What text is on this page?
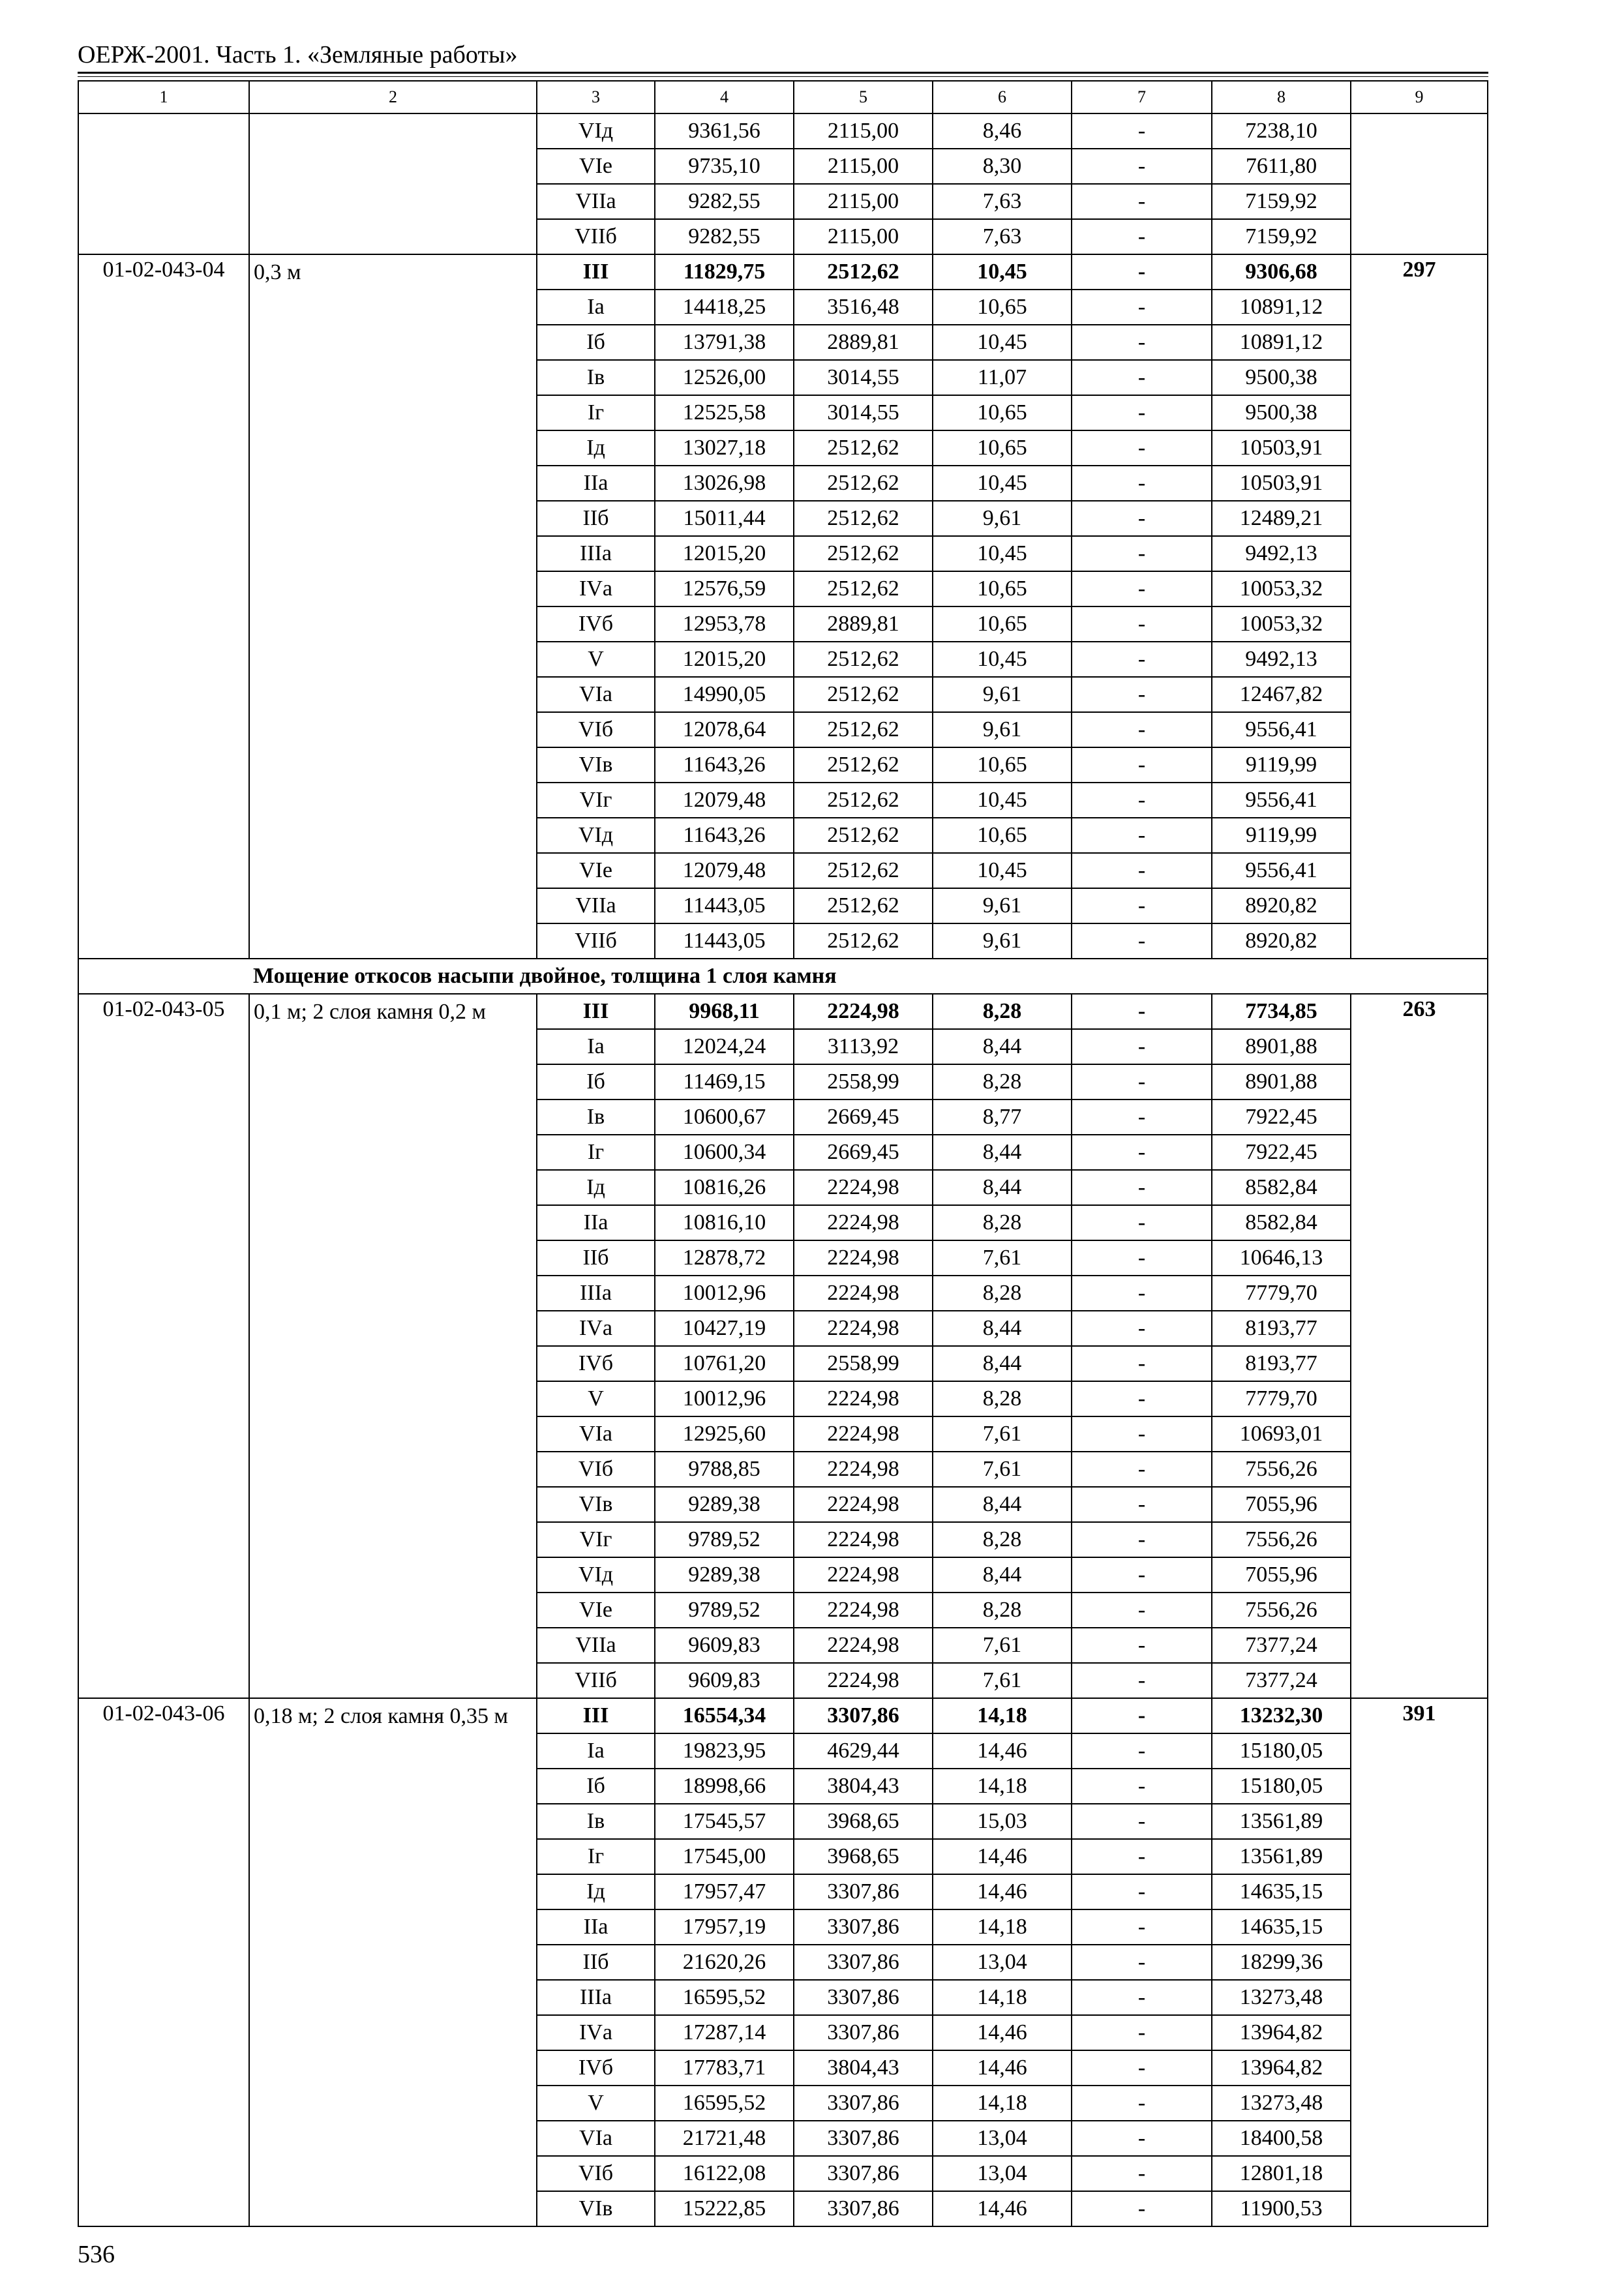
ОЕРЖ-2001. Часть 1. «Земляные работы»
1	2	3	4	5	6	7	8	9
		VIд	9361,56	2115,00	8,46	-	7238,10	
		VIе	9735,10	2115,00	8,30	-	7611,80	
		VIIа	9282,55	2115,00	7,63	-	7159,92	
		VIIб	9282,55	2115,00	7,63	-	7159,92	
01-02-043-04	0,3 м	III	11829,75	2512,62	10,45	-	9306,68	297
		Iа	14418,25	3516,48	10,65	-	10891,12	
		Iб	13791,38	2889,81	10,45	-	10891,12	
		Iв	12526,00	3014,55	11,07	-	9500,38	
		Iг	12525,58	3014,55	10,65	-	9500,38	
		Iд	13027,18	2512,62	10,65	-	10503,91	
		IIа	13026,98	2512,62	10,45	-	10503,91	
		IIб	15011,44	2512,62	9,61	-	12489,21	
		IIIа	12015,20	2512,62	10,45	-	9492,13	
		IVа	12576,59	2512,62	10,65	-	10053,32	
		IVб	12953,78	2889,81	10,65	-	10053,32	
		V	12015,20	2512,62	10,45	-	9492,13	
		VIа	14990,05	2512,62	9,61	-	12467,82	
		VIб	12078,64	2512,62	9,61	-	9556,41	
		VIв	11643,26	2512,62	10,65	-	9119,99	
		VIг	12079,48	2512,62	10,45	-	9556,41	
		VIд	11643,26	2512,62	10,65	-	9119,99	
		VIе	12079,48	2512,62	10,45	-	9556,41	
		VIIа	11443,05	2512,62	9,61	-	8920,82	
		VIIб	11443,05	2512,62	9,61	-	8920,82	
	Мощение откосов насыпи двойное, толщина 1 слоя камня							
01-02-043-05	0,1 м; 2 слоя камня 0,2 м	III	9968,11	2224,98	8,28	-	7734,85	263
		Iа	12024,24	3113,92	8,44	-	8901,88	
		Iб	11469,15	2558,99	8,28	-	8901,88	
		Iв	10600,67	2669,45	8,77	-	7922,45	
		Iг	10600,34	2669,45	8,44	-	7922,45	
		Iд	10816,26	2224,98	8,44	-	8582,84	
		IIа	10816,10	2224,98	8,28	-	8582,84	
		IIб	12878,72	2224,98	7,61	-	10646,13	
		IIIа	10012,96	2224,98	8,28	-	7779,70	
		IVа	10427,19	2224,98	8,44	-	8193,77	
		IVб	10761,20	2558,99	8,44	-	8193,77	
		V	10012,96	2224,98	8,28	-	7779,70	
		VIа	12925,60	2224,98	7,61	-	10693,01	
		VIб	9788,85	2224,98	7,61	-	7556,26	
		VIв	9289,38	2224,98	8,44	-	7055,96	
		VIг	9789,52	2224,98	8,28	-	7556,26	
		VIд	9289,38	2224,98	8,44	-	7055,96	
		VIе	9789,52	2224,98	8,28	-	7556,26	
		VIIа	9609,83	2224,98	7,61	-	7377,24	
		VIIб	9609,83	2224,98	7,61	-	7377,24	
01-02-043-06	0,18 м; 2 слоя камня 0,35 м	III	16554,34	3307,86	14,18	-	13232,30	391
		Iа	19823,95	4629,44	14,46	-	15180,05	
		Iб	18998,66	3804,43	14,18	-	15180,05	
		Iв	17545,57	3968,65	15,03	-	13561,89	
		Iг	17545,00	3968,65	14,46	-	13561,89	
		Iд	17957,47	3307,86	14,46	-	14635,15	
		IIа	17957,19	3307,86	14,18	-	14635,15	
		IIб	21620,26	3307,86	13,04	-	18299,36	
		IIIа	16595,52	3307,86	14,18	-	13273,48	
		IVа	17287,14	3307,86	14,46	-	13964,82	
		IVб	17783,71	3804,43	14,46	-	13964,82	
		V	16595,52	3307,86	14,18	-	13273,48	
		VIа	21721,48	3307,86	13,04	-	18400,58	
		VIб	16122,08	3307,86	13,04	-	12801,18	
		VIв	15222,85	3307,86	14,46	-	11900,53	
536
